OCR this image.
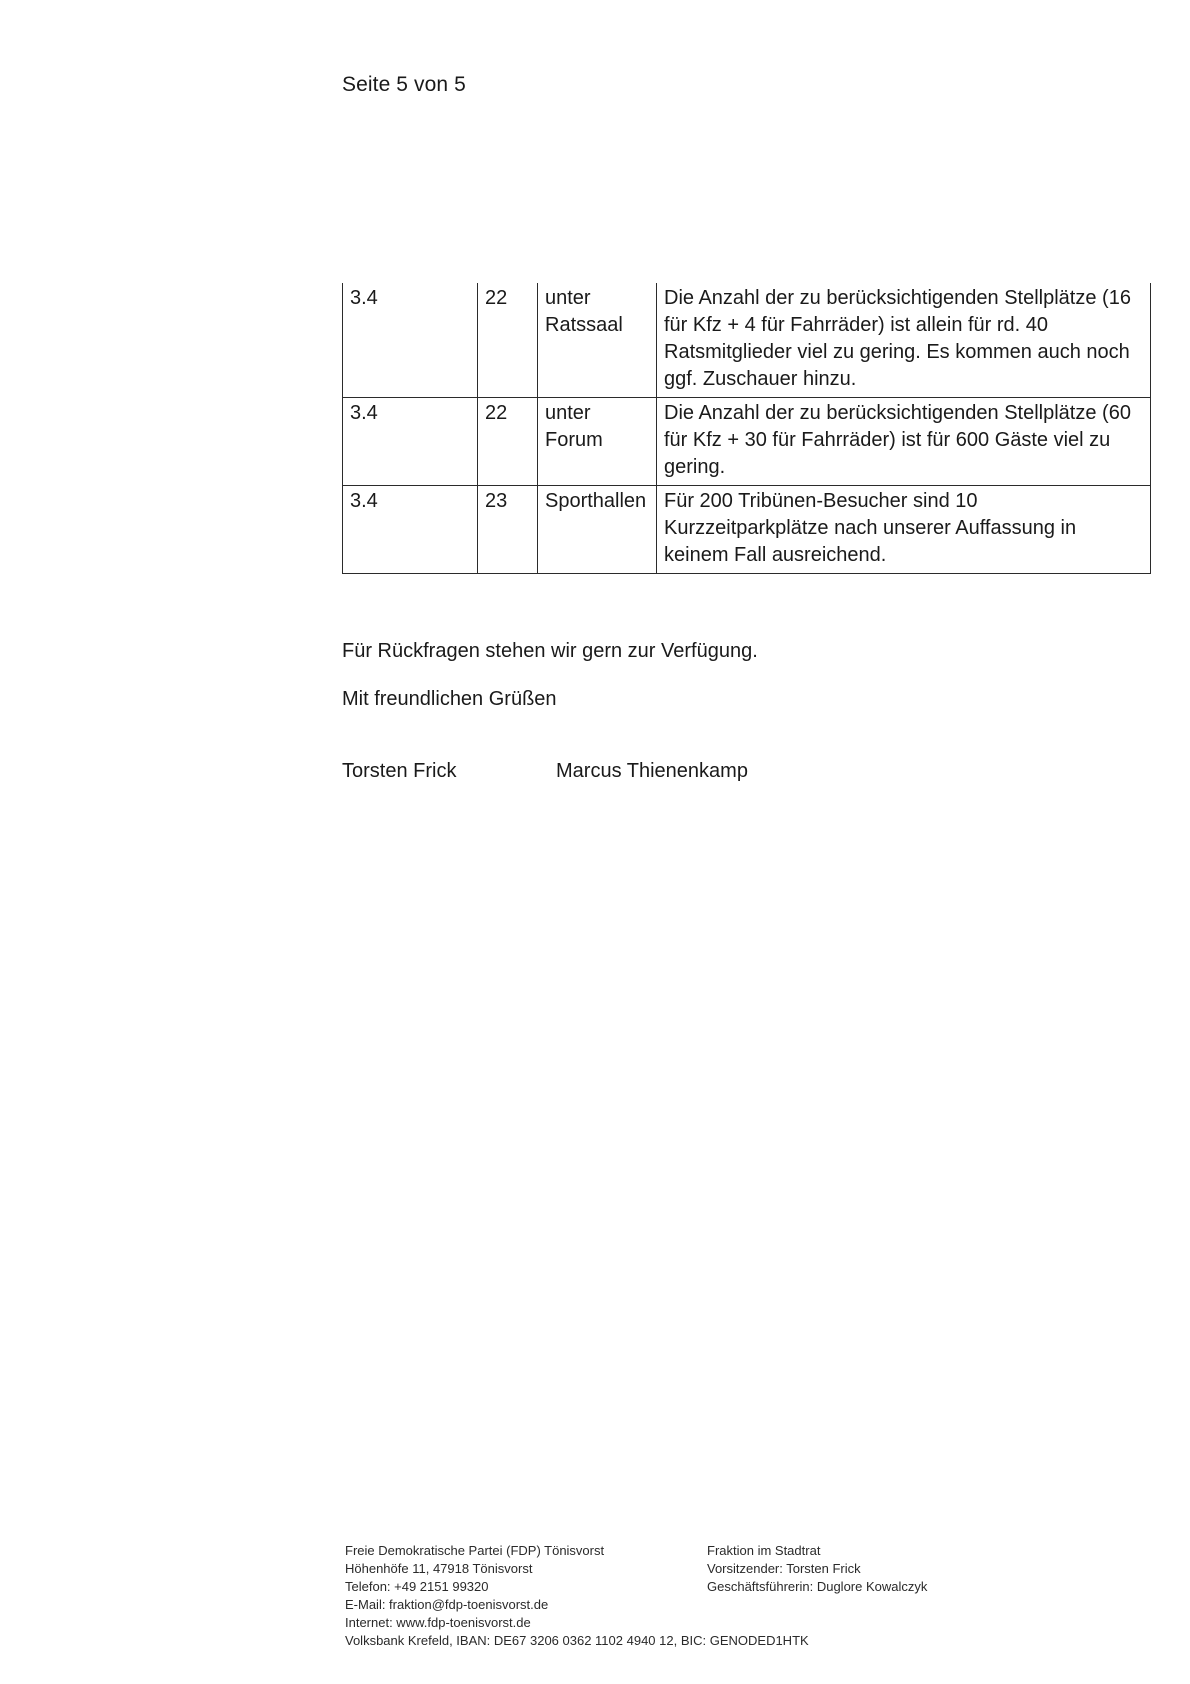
Seite 5 von 5
3.4	22	unter Ratssaal	Die Anzahl der zu berücksichtigenden Stellplätze (16 für Kfz + 4 für Fahrräder) ist allein für rd. 40 Ratsmitglieder viel zu gering. Es kommen auch noch ggf. Zuschauer hinzu.
3.4	22	unter Forum	Die Anzahl der zu berücksichtigenden Stellplätze (60 für Kfz + 30 für Fahrräder) ist für 600 Gäste viel zu gering.
3.4	23	Sporthallen	Für 200 Tribünen-Besucher sind 10 Kurzzeitparkplätze nach unserer Auffassung in keinem Fall ausreichend.
Für Rückfragen stehen wir gern zur Verfügung.
Mit freundlichen Grüßen
Torsten Frick	Marcus Thienenkamp
Freie Demokratische Partei (FDP) Tönisvorst
Höhenhöfe 11, 47918 Tönisvorst
Telefon: +49 2151 99320
E-Mail: fraktion@fdp-toenisvorst.de
Internet: www.fdp-toenisvorst.de
Volksbank Krefeld, IBAN: DE67 3206 0362 1102 4940 12, BIC: GENODED1HTK
Fraktion im Stadtrat
Vorsitzender: Torsten Frick
Geschäftsführerin: Duglore Kowalczyk
